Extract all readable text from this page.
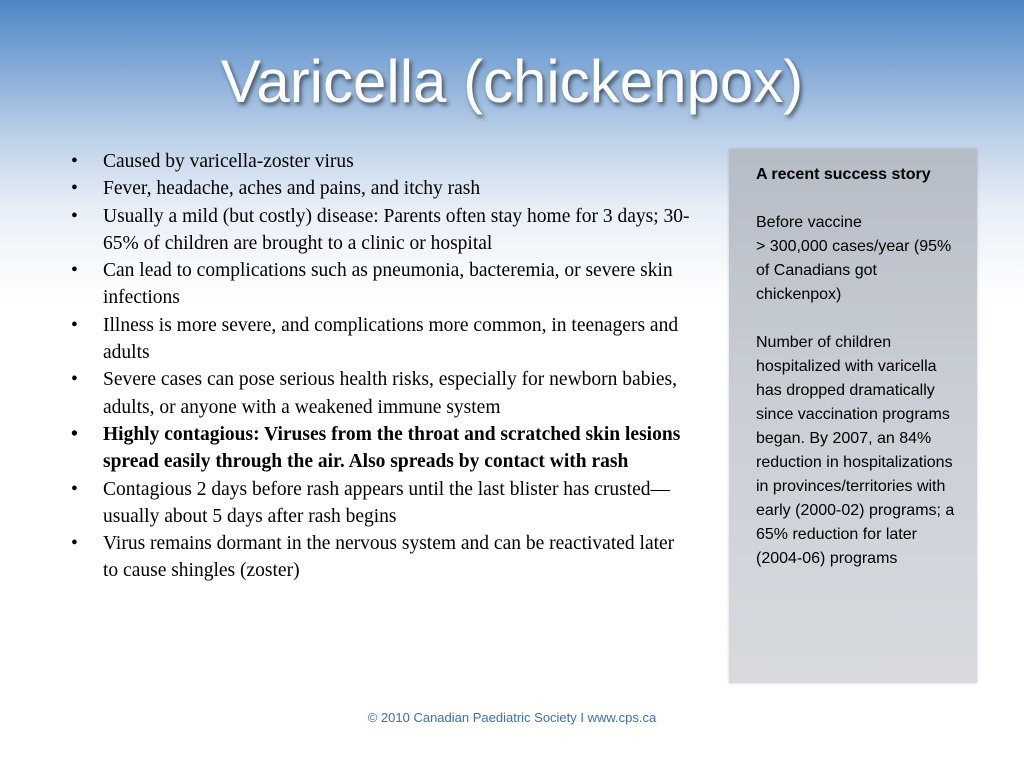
Varicella (chickenpox)
• Caused by varicella-zoster virus
• Fever, headache, aches and pains, and itchy rash
• Usually a mild (but costly) disease: Parents often stay home for 3 days; 30-65% of children are brought to a clinic or hospital
• Can lead to complications such as pneumonia, bacteremia, or severe skin infections
• Illness is more severe, and complications more common, in teenagers and adults
• Severe cases can pose serious health risks, especially for newborn babies, adults, or anyone with a weakened immune system
• Highly contagious: Viruses from the throat and scratched skin lesions spread easily through the air. Also spreads by contact with rash
• Contagious 2 days before rash appears until the last blister has crusted—usually about 5 days after rash begins
• Virus remains dormant in the nervous system and can be reactivated later to cause shingles (zoster)
A recent success story
Before vaccine
> 300,000 cases/year (95% of Canadians got chickenpox)
Number of children hospitalized with varicella has dropped dramatically since vaccination programs began. By 2007, an 84% reduction in hospitalizations in provinces/territories with early (2000-02) programs; a 65% reduction for later (2004-06) programs
© 2010 Canadian Paediatric Society I www.cps.ca
